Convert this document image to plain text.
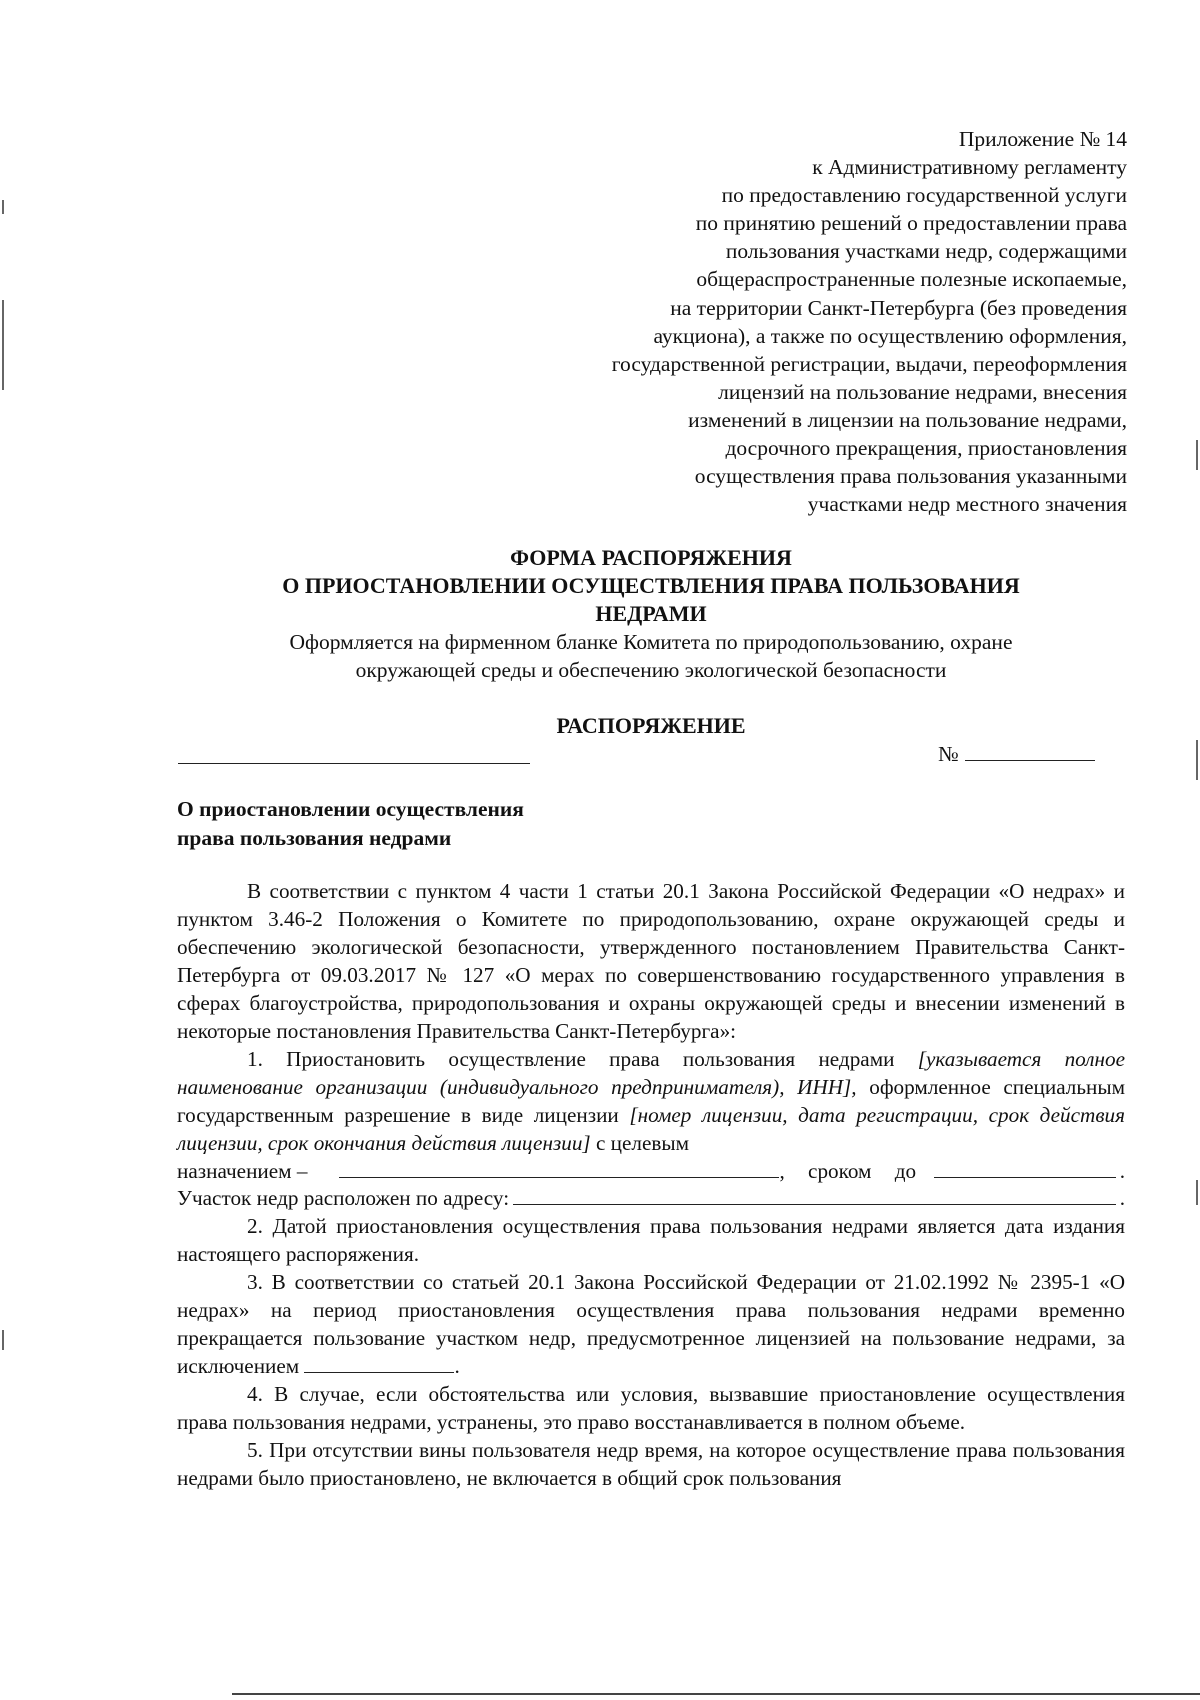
Приложение № 14
к Административному регламенту
по предоставлению государственной услуги
по принятию решений о предоставлении права
пользования участками недр, содержащими
общераспространенные полезные ископаемые,
на территории Санкт-Петербурга (без проведения
аукциона), а также по осуществлению оформления,
государственной регистрации, выдачи, переоформления
лицензий на пользование недрами, внесения
изменений в лицензии на пользование недрами,
досрочного прекращения, приостановления
осуществления права пользования указанными
участками недр местного значения
ФОРМА РАСПОРЯЖЕНИЯ
О ПРИОСТАНОВЛЕНИИ ОСУЩЕСТВЛЕНИЯ ПРАВА ПОЛЬЗОВАНИЯ
НЕДРАМИ
Оформляется на фирменном бланке Комитета по природопользованию, охране
окружающей среды и обеспечению экологической безопасности
РАСПОРЯЖЕНИЕ
№
О приостановлении осуществления
права пользования недрами

В соответствии с пунктом 4 части 1 статьи 20.1 Закона Российской Федерации «О недрах» и пунктом 3.46-2 Положения о Комитете по природопользованию, охране окружающей среды и обеспечению экологической безопасности, утвержденного постановлением Правительства Санкт-Петербурга от 09.03.2017 № 127 «О мерах по совершенствованию государственного управления в сферах благоустройства, природопользования и охраны окружающей среды и внесении изменений в некоторые постановления Правительства Санкт-Петербурга»:

1. Приостановить осуществление права пользования недрами [указывается полное наименование организации (индивидуального предпринимателя), ИНН], оформленное специальным государственным разрешение в виде лицензии [номер лицензии, дата регистрации, срок действия лицензии, срок окончания действия лицензии] с целевым

назначением –	, сроком до	.
Участок недр расположен по адресу:	.

2. Датой приостановления осуществления права пользования недрами является дата издания настоящего распоряжения.

3. В соответствии со статьей 20.1 Закона Российской Федерации от 21.02.1992 № 2395-1 «О недрах» на период приостановления осуществления права пользования недрами временно прекращается пользование участком недр, предусмотренное лицензией на пользование недрами, за исключением	.

4. В случае, если обстоятельства или условия, вызвавшие приостановление осуществления права пользования недрами, устранены, это право восстанавливается в полном объеме.

5. При отсутствии вины пользователя недр время, на которое осуществление права пользования недрами было приостановлено, не включается в общий срок пользования
